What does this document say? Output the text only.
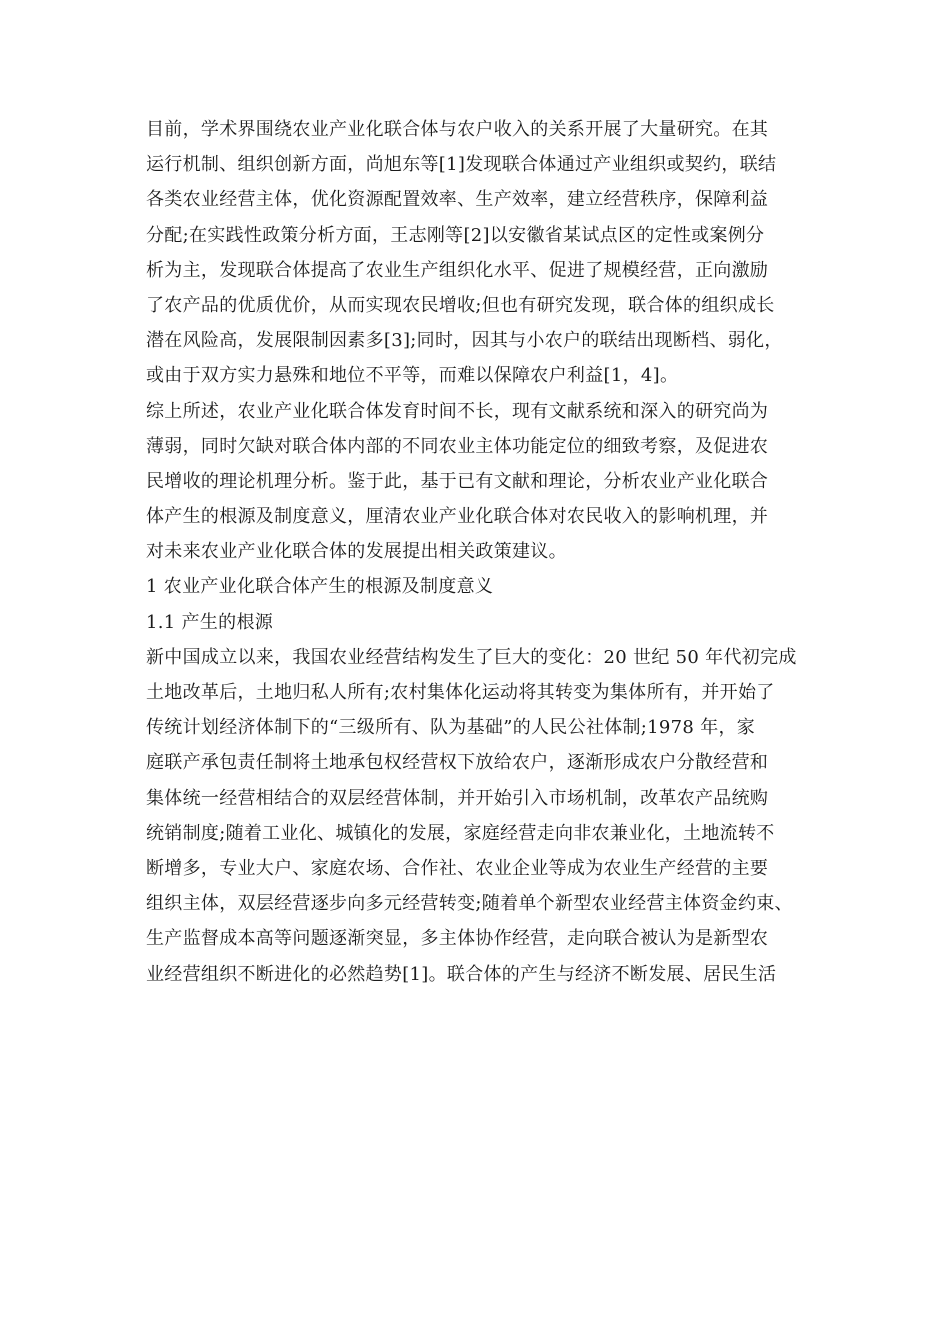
目前，学术界围绕农业产业化联合体与农户收入的关系开展了大量研究。在其
运行机制、组织创新方面，尚旭东等[1]发现联合体通过产业组织或契约，联结
各类农业经营主体，优化资源配置效率、生产效率，建立经营秩序，保障利益
分配;在实践性政策分析方面，王志刚等[2]以安徽省某试点区的定性或案例分
析为主，发现联合体提高了农业生产组织化水平、促进了规模经营，正向激励
了农产品的优质优价，从而实现农民增收;但也有研究发现，联合体的组织成长
潜在风险高，发展限制因素多[3];同时，因其与小农户的联结出现断档、弱化，
或由于双方实力悬殊和地位不平等，而难以保障农户利益[1，4]。
综上所述，农业产业化联合体发育时间不长，现有文献系统和深入的研究尚为
薄弱，同时欠缺对联合体内部的不同农业主体功能定位的细致考察，及促进农
民增收的理论机理分析。鉴于此，基于已有文献和理论，分析农业产业化联合
体产生的根源及制度意义，厘清农业产业化联合体对农民收入的影响机理，并
对未来农业产业化联合体的发展提出相关政策建议。
1 农业产业化联合体产生的根源及制度意义
1.1 产生的根源
新中国成立以来，我国农业经营结构发生了巨大的变化：20 世纪 50 年代初完成
土地改革后，土地归私人所有;农村集体化运动将其转变为集体所有，并开始了
传统计划经济体制下的“三级所有、队为基础”的人民公社体制;1978 年，家
庭联产承包责任制将土地承包权经营权下放给农户，逐渐形成农户分散经营和
集体统一经营相结合的双层经营体制，并开始引入市场机制，改革农产品统购
统销制度;随着工业化、城镇化的发展，家庭经营走向非农兼业化，土地流转不
断增多，专业大户、家庭农场、合作社、农业企业等成为农业生产经营的主要
组织主体，双层经营逐步向多元经营转变;随着单个新型农业经营主体资金约束、
生产监督成本高等问题逐渐突显，多主体协作经营，走向联合被认为是新型农
业经营组织不断进化的必然趋势[1]。联合体的产生与经济不断发展、居民生活
